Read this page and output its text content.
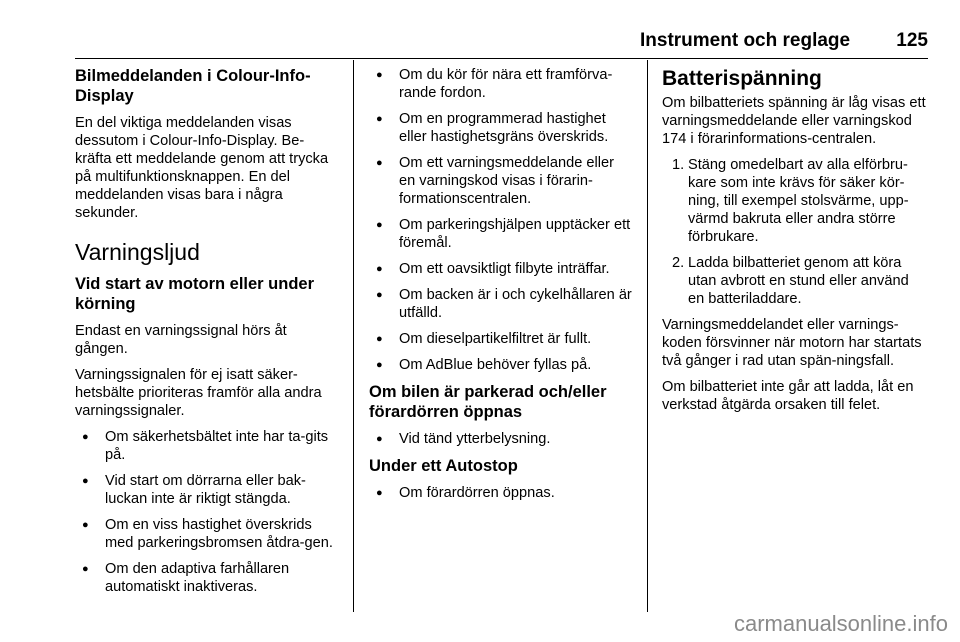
Instrument och reglage 125
Bilmeddelanden i Colour-Info-Display

En del viktiga meddelanden visas dessutom i Colour-Info-Display. Be-kräfta ett meddelande genom att trycka på multifunktionsknappen. En del meddelanden visas bara i några sekunder.

Varningsljud
Vid start av motorn eller under körning

Endast en varningssignal hörs åt gången.

Varningssignalen för ej isatt säker-hetsbälte prioriteras framför alla andra varningssignaler.

● Om säkerhetsbältet inte har ta-gits på.
● Vid start om dörrarna eller bak-luckan inte är riktigt stängda.
● Om en viss hastighet överskrids med parkeringsbromsen åtdra-gen.
● Om den adaptiva farhållaren automatiskt inaktiveras.
● Om du kör för nära ett framförva-rande fordon.
● Om en programmerad hastighet eller hastighetsgräns överskrids.
● Om ett varningsmeddelande eller en varningskod visas i förarin-formationscentralen.
● Om parkeringshjälpen upptäcker ett föremål.
● Om ett oavsiktligt filbyte inträffar.
● Om backen är i och cykelhållaren är utfälld.
● Om dieselpartikelfiltret är fullt.
● Om AdBlue behöver fyllas på.
Om bilen är parkerad och/eller förardörren öppnas
● Vid tänd ytterbelysning.
Under ett Autostop
● Om förardörren öppnas.
Batterispänning

Om bilbatteriets spänning är låg visas ett varningsmeddelande eller varningskod 174 i förarinformations-centralen.

1. Stäng omedelbart av alla elförbru-kare som inte krävs för säker kör-ning, till exempel stolsvärme, upp-värmd bakruta eller andra större förbrukare.
2. Ladda bilbatteriet genom att köra utan avbrott en stund eller använd en batteriladdare.

Varningsmeddelandet eller varnings-koden försvinner när motorn har startats två gånger i rad utan spän-ningsfall.

Om bilbatteriet inte går att ladda, låt en verkstad åtgärda orsaken till felet.

carmanualsonline.info
